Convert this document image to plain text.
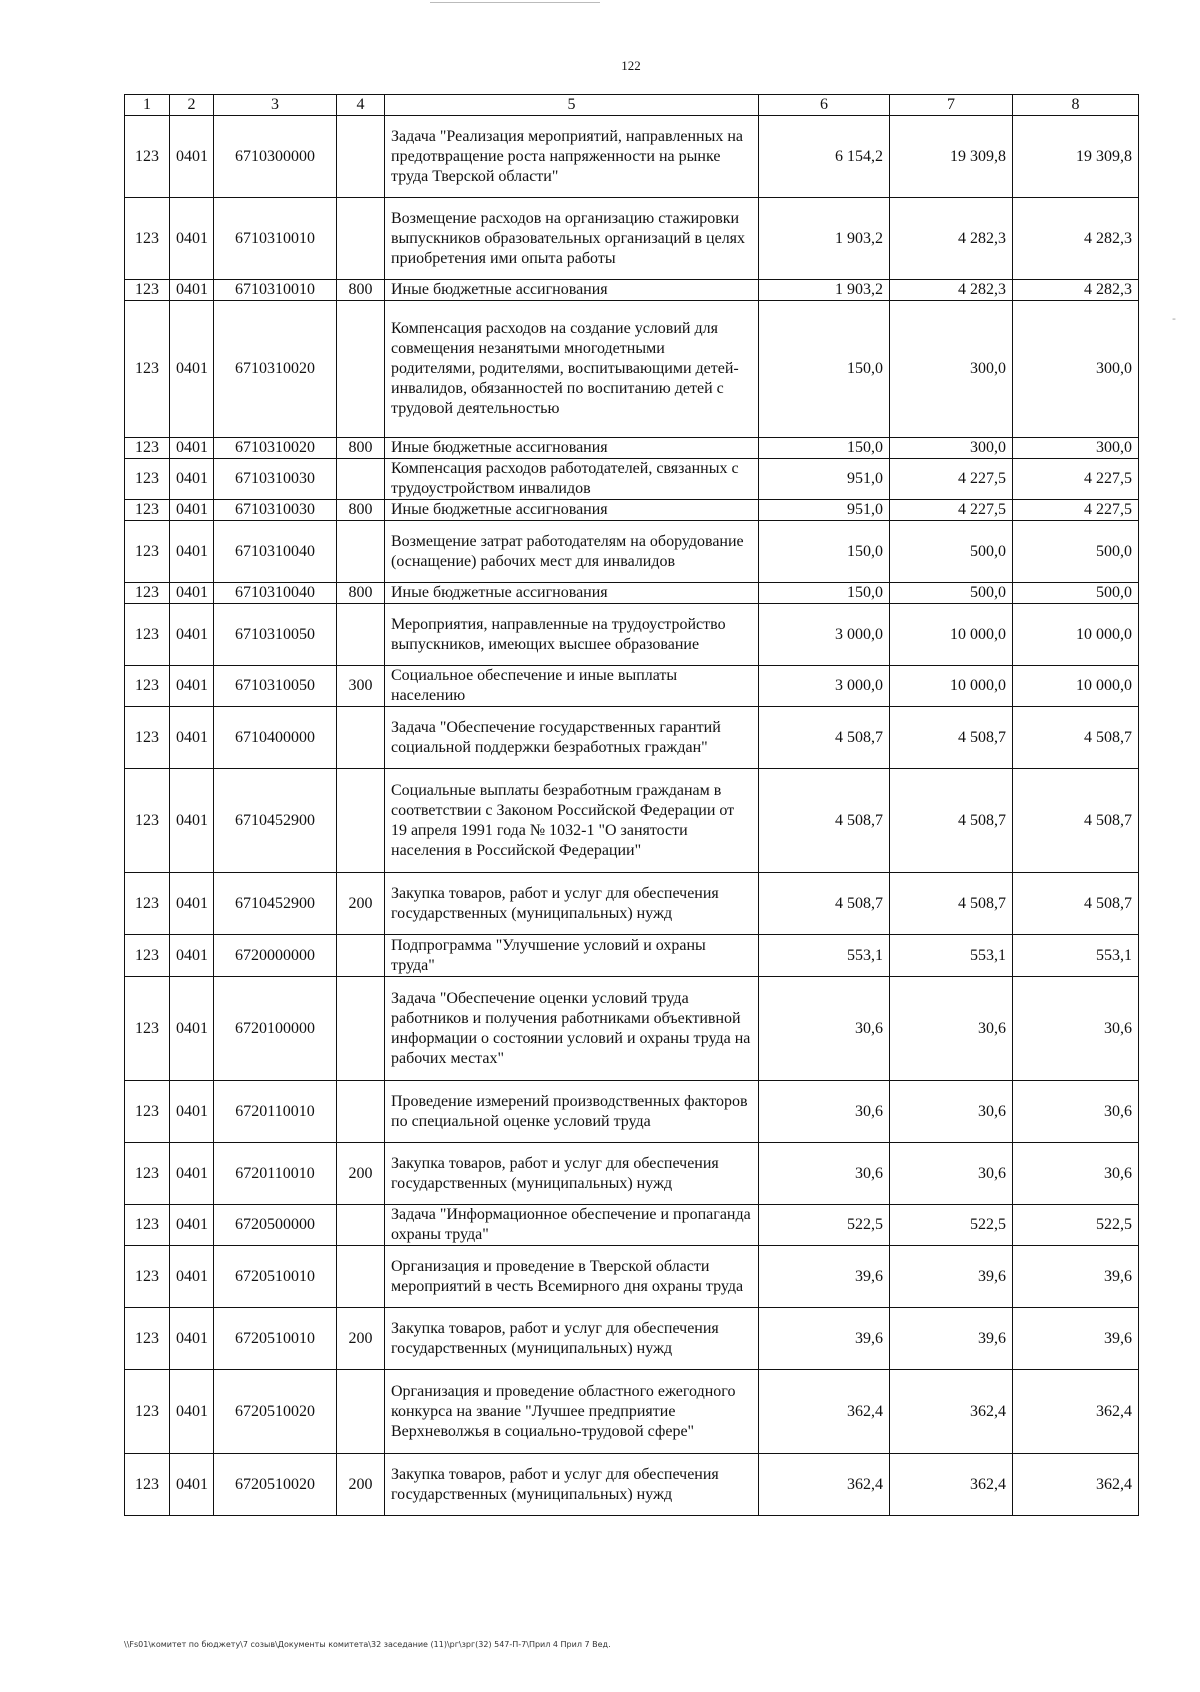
122
1	2	3	4	5	6	7	8
123	0401	6710300000		Задача "Реализация мероприятий, направленных на предотвращение роста напряженности на рынке труда Тверской области"	6 154,2	19 309,8	19 309,8
123	0401	6710310010		Возмещение расходов на организацию стажировки выпускников образовательных организаций в целях приобретения ими опыта работы	1 903,2	4 282,3	4 282,3
123	0401	6710310010	800	Иные бюджетные ассигнования	1 903,2	4 282,3	4 282,3
123	0401	6710310020		Компенсация расходов на создание условий для совмещения незанятыми многодетными родителями, родителями, воспитывающими детей-инвалидов, обязанностей по воспитанию детей с трудовой деятельностью	150,0	300,0	300,0
123	0401	6710310020	800	Иные бюджетные ассигнования	150,0	300,0	300,0
123	0401	6710310030		Компенсация расходов работодателей, связанных с трудоустройством инвалидов	951,0	4 227,5	4 227,5
123	0401	6710310030	800	Иные бюджетные ассигнования	951,0	4 227,5	4 227,5
123	0401	6710310040		Возмещение затрат работодателям на оборудование (оснащение) рабочих мест для инвалидов	150,0	500,0	500,0
123	0401	6710310040	800	Иные бюджетные ассигнования	150,0	500,0	500,0
123	0401	6710310050		Мероприятия, направленные на трудоустройство выпускников, имеющих высшее образование	3 000,0	10 000,0	10 000,0
123	0401	6710310050	300	Социальное обеспечение и иные выплаты населению	3 000,0	10 000,0	10 000,0
123	0401	6710400000		Задача "Обеспечение государственных гарантий социальной поддержки безработных граждан"	4 508,7	4 508,7	4 508,7
123	0401	6710452900		Социальные выплаты безработным гражданам в соответствии с Законом Российской Федерации от 19 апреля 1991 года № 1032-1 "О занятости населения в Российской Федерации"	4 508,7	4 508,7	4 508,7
123	0401	6710452900	200	Закупка товаров, работ и услуг для обеспечения государственных (муниципальных) нужд	4 508,7	4 508,7	4 508,7
123	0401	6720000000		Подпрограмма "Улучшение условий и охраны труда"	553,1	553,1	553,1
123	0401	6720100000		Задача "Обеспечение оценки условий труда работников и получения работниками объективной информации о состоянии условий и охраны труда на рабочих местах"	30,6	30,6	30,6
123	0401	6720110010		Проведение измерений производственных факторов по специальной оценке условий труда	30,6	30,6	30,6
123	0401	6720110010	200	Закупка товаров, работ и услуг для обеспечения государственных (муниципальных) нужд	30,6	30,6	30,6
123	0401	6720500000		Задача "Информационное обеспечение и пропаганда охраны труда"	522,5	522,5	522,5
123	0401	6720510010		Организация и проведение в Тверской области мероприятий в честь Всемирного дня охраны труда	39,6	39,6	39,6
123	0401	6720510010	200	Закупка товаров, работ и услуг для обеспечения государственных (муниципальных) нужд	39,6	39,6	39,6
123	0401	6720510020		Организация и проведение областного ежегодного конкурса на звание "Лучшее предприятие Верхневолжья в социально-трудовой сфере"	362,4	362,4	362,4
123	0401	6720510020	200	Закупка товаров, работ и услуг для обеспечения государственных (муниципальных) нужд	362,4	362,4	362,4
-
\\Fs01\комитет по бюджету\7 созыв\Документы комитета\32 заседание (11)\рг\зрг(32) 547-П-7\Прил 4 Прил 7 Вед.
